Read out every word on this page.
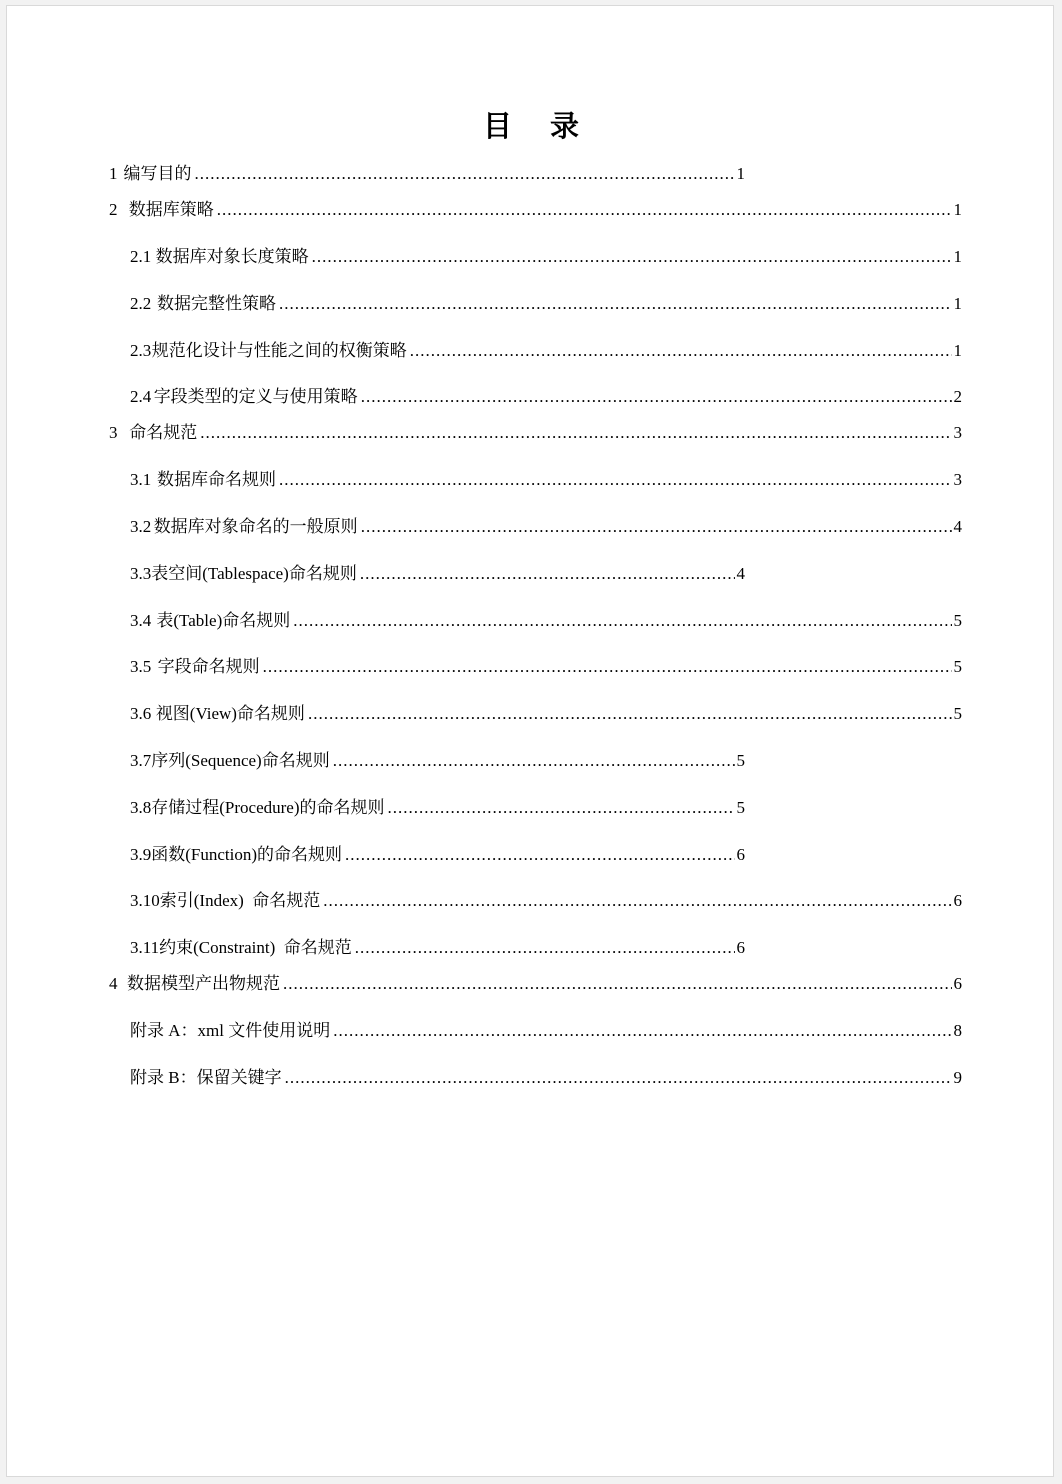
目 录
1 编写目的 .....	1
2 数据库策略 .....	1
2.1 数据库对象长度策略 .....	1
2.2 数据完整性策略 .....	1
2.3 规范化设计与性能之间的权衡策略 .....	1
2.4 字段类型的定义与使用策略 .....	2
3 命名规范 .....	3
3.1 数据库命名规则 .....	3
3.2 数据库对象命名的一般原则 .....	4
3.3 表空间(Tablespace)命名规则 .....	4
3.4 表(Table)命名规则 .....	5
3.5 字段命名规则 .....	5
3.6 视图(View)命名规则 .....	5
3.7 序列(Sequence)命名规则 .....	5
3.8 存储过程(Procedure)的命名规则 .....	5
3.9 函数(Function)的命名规则 .....	6
3.10 索引(Index)  命名规范 .....	6
3.11 约束(Constraint)  命名规范 .....	6
4 数据模型产出物规范 .....	6
附录 A：xml 文件使用说明 .....	8
附录 B：保留关键字 .....	9
